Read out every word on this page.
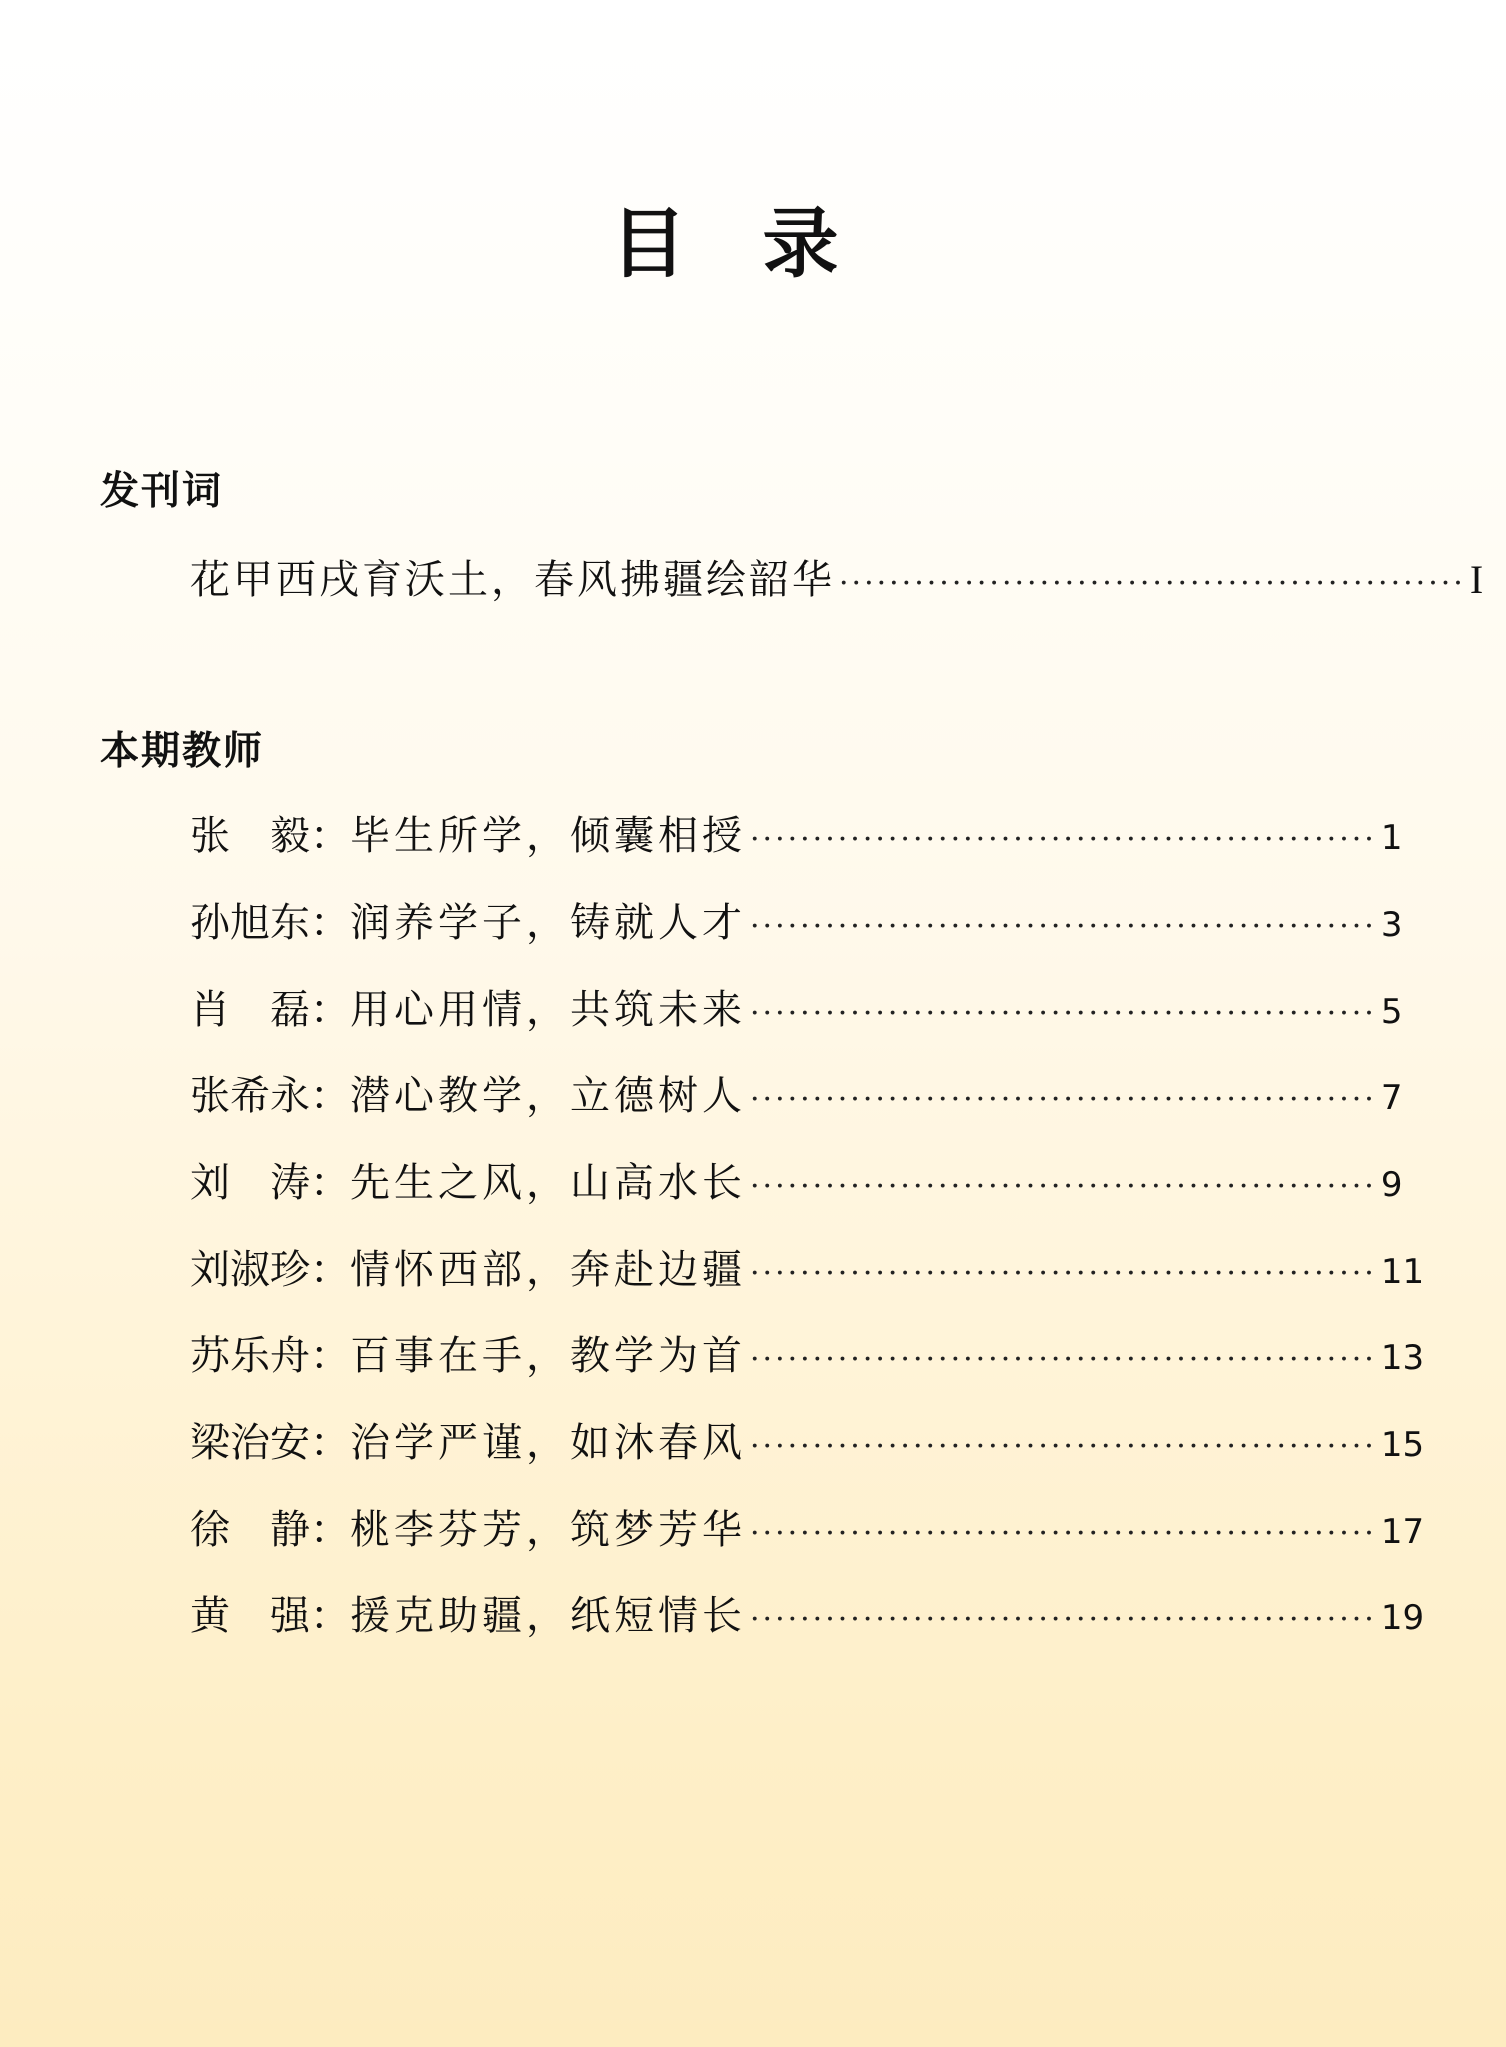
目　录
发刊词
花甲西戌育沃土，春风拂疆绘韶华 ·················································· I
本期教师
张　毅 ： 毕生所学，倾囊相授 ·················································· 1
孙旭东 ： 润养学子，铸就人才 ·················································· 3
肖　磊 ： 用心用情，共筑未来 ·················································· 5
张希永 ： 潜心教学，立德树人 ·················································· 7
刘　涛 ： 先生之风，山高水长 ·················································· 9
刘淑珍 ： 情怀西部，奔赴边疆 ·················································· 11
苏乐舟 ： 百事在手，教学为首 ·················································· 13
梁治安 ： 治学严谨，如沐春风 ·················································· 15
徐　静 ： 桃李芬芳，筑梦芳华 ·················································· 17
黄　强 ： 援克助疆，纸短情长 ·················································· 19
